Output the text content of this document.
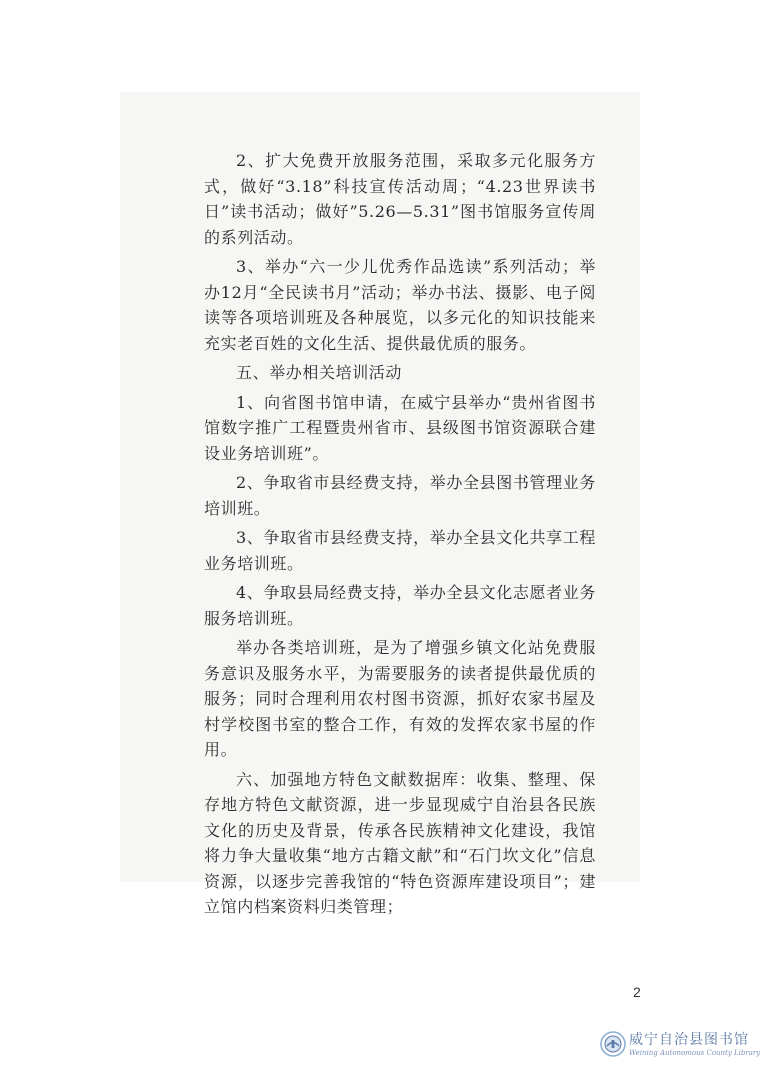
2、扩大免费开放服务范围，采取多元化服务方式，做好“3.18”科技宣传活动周；“4.23世界读书日”读书活动；做好”5.26—5.31”图书馆服务宣传周的系列活动。

3、举办“六一少儿优秀作品选读”系列活动；举办12月“全民读书月”活动；举办书法、摄影、电子阅读等各项培训班及各种展览，以多元化的知识技能来充实老百姓的文化生活、提供最优质的服务。

五、举办相关培训活动

1、向省图书馆申请，在威宁县举办“贵州省图书馆数字推广工程暨贵州省市、县级图书馆资源联合建设业务培训班”。

2、争取省市县经费支持，举办全县图书管理业务培训班。

3、争取省市县经费支持，举办全县文化共享工程业务培训班。

4、争取县局经费支持，举办全县文化志愿者业务服务培训班。

举办各类培训班，是为了增强乡镇文化站免费服务意识及服务水平，为需要服务的读者提供最优质的服务；同时合理利用农村图书资源，抓好农家书屋及村学校图书室的整合工作，有效的发挥农家书屋的作用。

六、加强地方特色文献数据库：收集、整理、保存地方特色文献资源，进一步显现威宁自治县各民族文化的历史及背景，传承各民族精神文化建设，我馆将力争大量收集“地方古籍文献”和“石门坎文化”信息资源，以逐步完善我馆的“特色资源库建设项目”；建立馆内档案资料归类管理；

2
威宁自治县图书馆
Weining Autonomous County Library
